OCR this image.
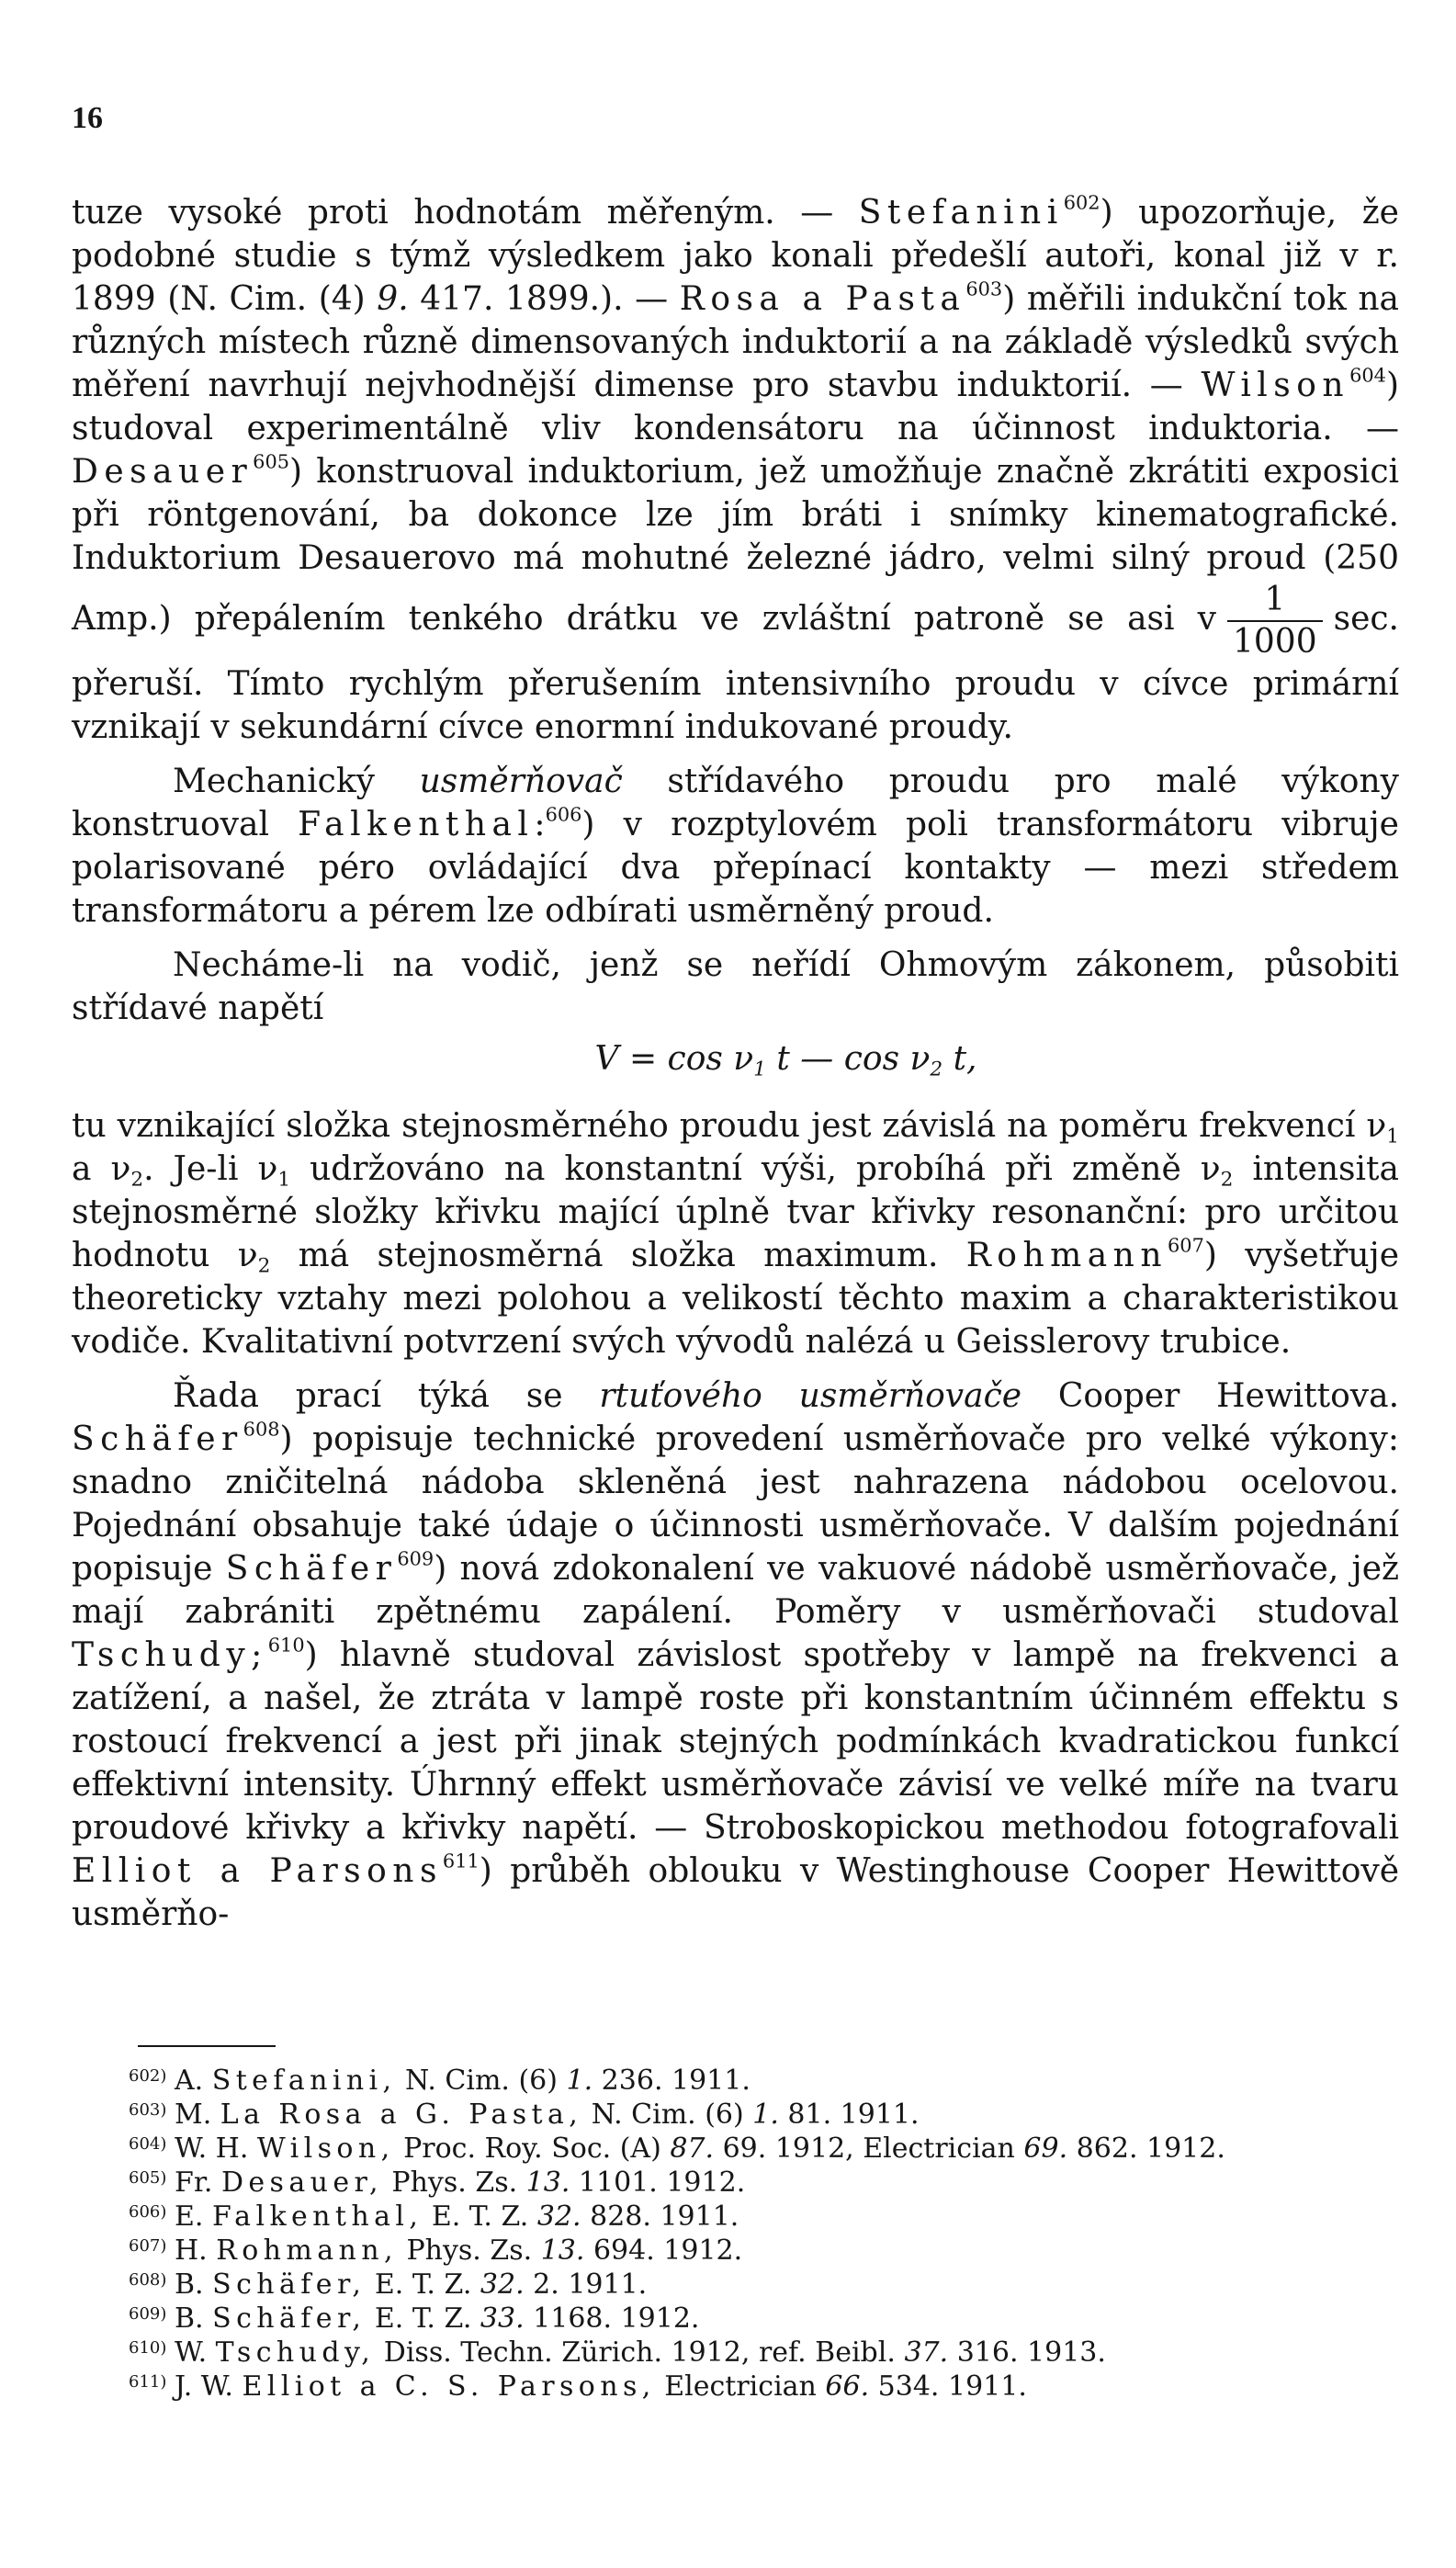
16

tuze vysoké proti hodnotám měřeným. — Stefanini$^{602}$) upozorňuje, že podobné studie s týmž výsledkem jako konali předešlí autoři, konal již v r. 1899 (N. Cim. (4) 9. 417. 1899.). — Rosa a Pasta$^{603}$) měřili indukční tok na různých místech různě dimensovaných induktorií a na základě výsledků svých měření navrhují nejvhodnější dimense pro stavbu induktorií. — Wilson$^{604}$) studoval experimentálně vliv kondensátoru na účinnost induktoria. — Desauer$^{605}$) konstruoval induktorium, jež umožňuje značně zkrátiti exposici při röntgenování, ba dokonce lze jím bráti i snímky kinematografické. Induktorium Desauerovo má mohutné železné jádro, velmi silný proud (250 Amp.) přepálením tenkého drátku ve zvláštní patroně se asi v $\frac{1}{1000} \sec$. přeruší. Tímto rychlým přerušením intensivního proudu v cívce primární vznikají v sekundární cívce enormní indukované proudy.

Mechanický usměrňovač střídavého proudu pro malé výkony konstruoval Falkenthal:$^{606}$) v rozptylovém poli transformátoru vibruje polarisované péro ovládající dva přepínací kontakty — mezi středem transformátoru a pérem lze odbírati usměrněný proud.

Necháme-li na vodič, jenž se neřídí Ohmovým zákonem, působiti střídavé napětí
$V = \cos \nu_1$ t — $\cos \nu_2$ t,
tu vznikající složka stejnosměrného proudu jest závislá na poměru frekvencí $\nu_1$ a $\nu_2$. Je-li $\nu_1$ udržováno na konstantní výši, probíhá při změně $\nu_2$ intensita stejnosměrné složky křivku mající úplně tvar křivky resonanční: pro určitou hodnotu $\nu_2$ má stejnosměrná složka maximum. Rohmann$^{607}$) vyšetřuje theoreticky vztahy mezi polohou a velikostí těchto maxim a charakteristikou vodiče. Kvalitativní potvrzení svých vývodů nalézá u Geisslerovy trubice.

Řada prací týká se rtuťového usměrňovače Cooper Hewittova. Schäfer$^{608}$) popisuje technické provedení usměrňovače pro velké výkony: snadno zničitelná nádoba skleněná jest nahrazena nádobou ocelovou. Pojednání obsahuje také údaje o účinnosti usměrňovače. V dalším pojednání popisuje Schäfer$^{609}$) nová zdokonalení ve vakuové nádobě usměrňovače, jež mají zabrániti zpětnému zapálení. Poměry v usměrňovači studoval Tschudy;$^{610}$) hlavně studoval závislost spotřeby v lampě na frekvenci a zatížení, a našel, že ztráta v lampě roste při konstantním účinném effektu s rostoucí frekvencí a jest při jinak stejných podmínkách kvadratickou funkcí effektivní intensity. Úhrnný effekt usměrňovače závisí ve velké míře na tvaru proudové křivky a křivky napětí. — Stroboskopickou methodou fotografovali Elliot a Parsons$^{611}$) průběh oblouku v Westinghouse Cooper Hewittově usměrňo-

602) A. Stefanini, N. Cim. (6) 1. 236. 1911.
603) M. La Rosa a G. Pasta, N. Cim. (6) 1. 81. 1911.
604) W. H. Wilson, Proc. Roy. Soc. (A) 87. 69. 1912, Electrician 69. 862. 1912.
605) Fr. Desauer, Phys. Zs. 13. 1101. 1912.
606) E. Falkenthal, E. T. Z. 32. 828. 1911.
607) H. Rohmann, Phys. Zs. 13. 694. 1912.
608) B. Schäfer, E. T. Z. 32. 2. 1911.
609) B. Schäfer, E. T. Z. 33. 1168. 1912.
610) W. Tschudy, Diss. Techn. Zürich. 1912, ref. Beibl. 37. 316. 1913.
611) J. W. Elliot a C. S. Parsons, Electrician 66. 534. 1911.
